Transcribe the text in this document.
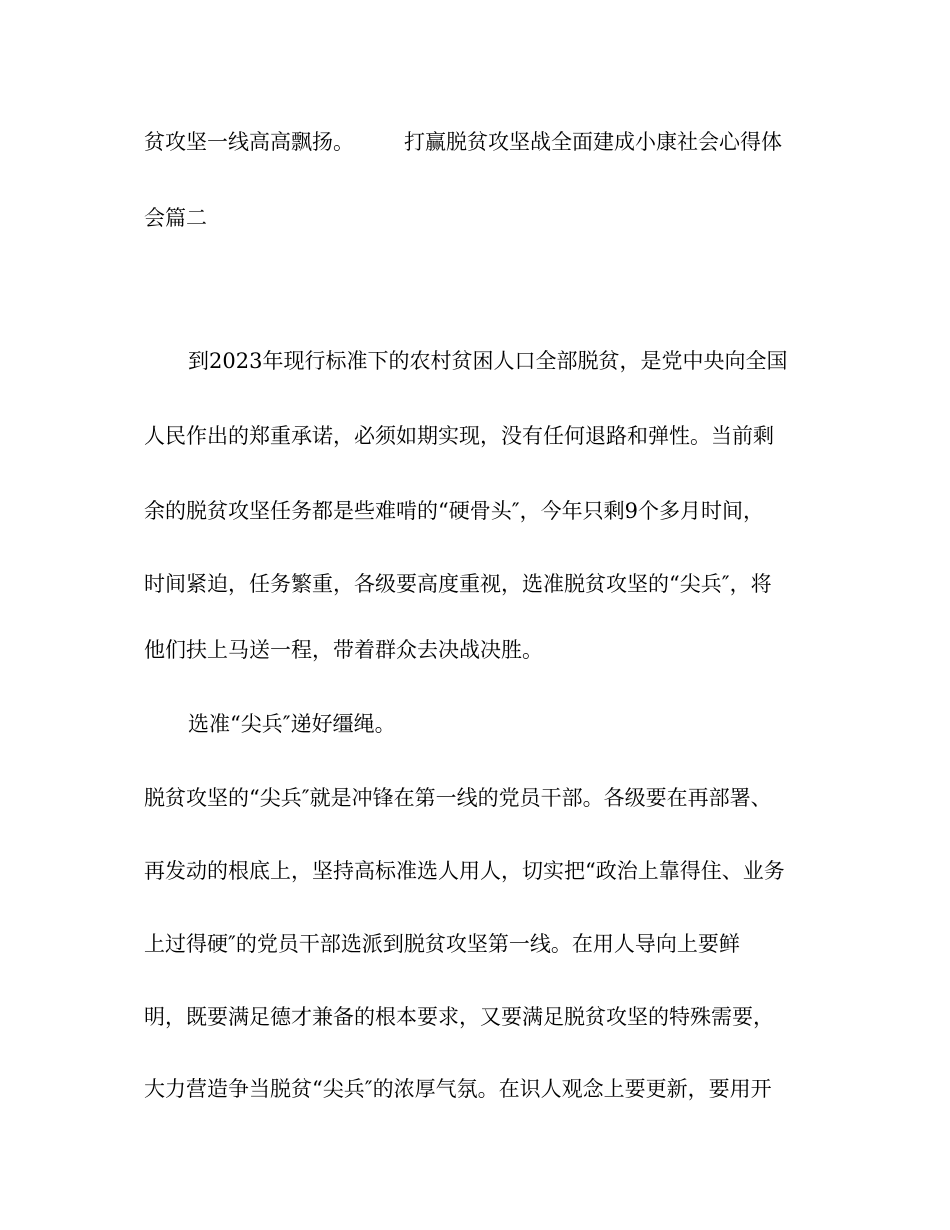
贫攻坚一线高高飘扬。 打赢脱贫攻坚战全面建成小康社会心得体
会篇二
到2023年现行标准下的农村贫困人口全部脱贫，是党中央向全国
人民作出的郑重承诺，必须如期实现，没有任何退路和弹性。当前剩
余的脱贫攻坚任务都是些难啃的“硬骨头″，今年只剩9个多月时间，
时间紧迫，任务繁重，各级要高度重视，选准脱贫攻坚的“尖兵″，将
他们扶上马送一程，带着群众去决战决胜。
选准“尖兵″递好缰绳。
脱贫攻坚的“尖兵″就是冲锋在第一线的党员干部。各级要在再部署、
再发动的根底上，坚持高标准选人用人，切实把“政治上靠得住、业务
上过得硬″的党员干部选派到脱贫攻坚第一线。在用人导向上要鲜
明，既要满足德才兼备的根本要求，又要满足脱贫攻坚的特殊需要，
大力营造争当脱贫“尖兵″的浓厚气氛。在识人观念上要更新，要用开
